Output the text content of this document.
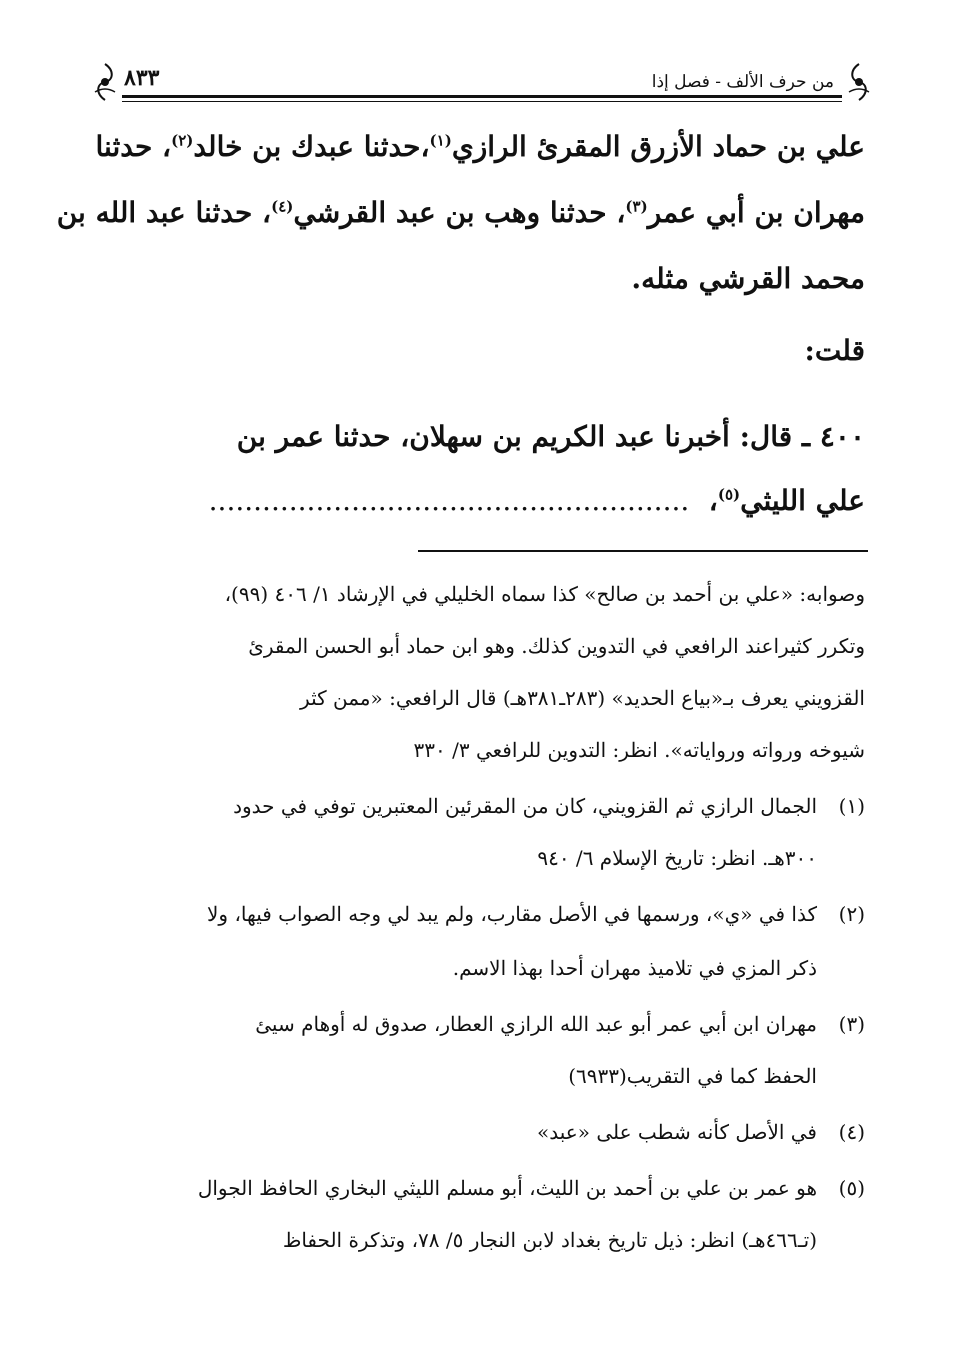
من حرف الألف - فصل إذا
٨٣٣
علي بن حماد الأزرق المقرئ الرازي$^{(١)}$،حدثنا عبدك بن خالد$^{(٢)}$، حدثنا
مهران بن أبي عمر$^{(٣)}$، حدثنا وهب بن عبد القرشي$^{(٤)}$، حدثنا عبد الله بن
محمد القرشي مثله.
قلت:
٤٠٠ ـ قال: أخبرنا عبد الكريم بن سهلان، حدثنا عمر بن
علي الليثي$^{(٥)}$،  ......................................................
وصوابه: «علي بن أحمد بن صالح» كذا سماه الخليلي في الإرشاد ١/ ٤٠٦ (٩٩)،
وتكرر كثيراعند الرافعي في التدوين كذلك. وهو ابن حماد أبو الحسن المقرئ
القزويني يعرف بـ«بياع الحديد» (٢٨٣ـ٣٨١هـ) قال الرافعي: «ممن كثر
شيوخه ورواته ورواياته». انظر: التدوين للرافعي ٣/ ٣٣٠
(١)
الجمال الرازي ثم القزويني، كان من المقرئين المعتبرين توفي في حدود
٣٠٠هـ. انظر: تاريخ الإسلام ٦/ ٩٤٠
(٢)
كذا في «ي»، ورسمها في الأصل مقارب، ولم يبد لي وجه الصواب فيها، ولا
ذكر المزي في تلاميذ مهران أحدا بهذا الاسم.
(٣)
مهران ابن أبي عمر أبو عبد الله الرازي العطار، صدوق له أوهام سيئ
الحفظ كما في التقريب(٦٩٣٣)
(٤)
في الأصل كأنه شطب على «عبد»
(٥)
هو عمر بن علي بن أحمد بن الليث، أبو مسلم الليثي البخاري الحافظ الجوال
(تـ٤٦٦هـ) انظر: ذيل تاريخ بغداد لابن النجار ٥/ ٧٨، وتذكرة الحفاظ
